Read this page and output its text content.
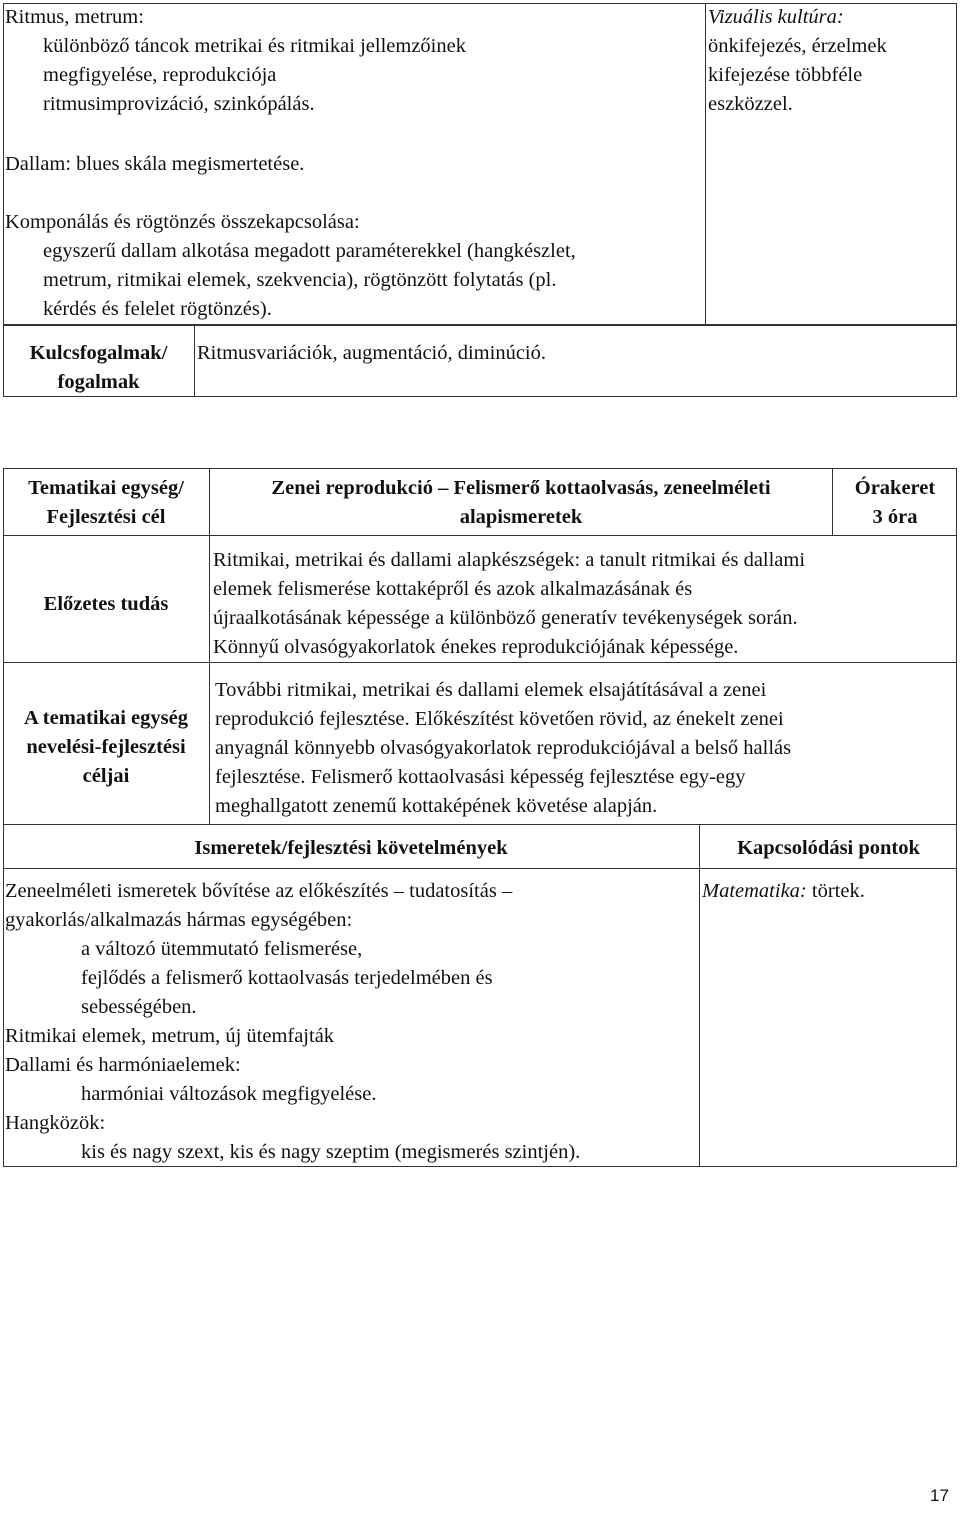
Ritmus, metrum:
különböző táncok metrikai és ritmikai jellemzőinek
megfigyelése, reprodukciója
ritmusimprovizáció, szinkópálás.
Dallam: blues skála megismertetése.
Komponálás és rögtönzés összekapcsolása:
egyszerű dallam alkotása megadott paraméterekkel (hangkészlet,
metrum, ritmikai elemek, szekvencia), rögtönzött folytatás (pl.
kérdés és felelet rögtönzés).
Vizuális kultúra:
önkifejezés, érzelmek
kifejezése többféle
eszközzel.
Kulcsfogalmak/
fogalmak
Ritmusvariációk, augmentáció, diminúció.
Tematikai egység/
Fejlesztési cél
Zenei reprodukció – Felismerő kottaolvasás, zeneelméleti
alapismeretek
Órakeret
3 óra
Előzetes tudás
Ritmikai, metrikai és dallami alapkészségek: a tanult ritmikai és dallami
elemek felismerése kottaképről és azok alkalmazásának és
újraalkotásának képessége a különböző generatív tevékenységek során.
Könnyű olvasógyakorlatok énekes reprodukciójának képessége.
A tematikai egység
nevelési-fejlesztési
céljai
További ritmikai, metrikai és dallami elemek elsajátításával a zenei
reprodukció fejlesztése. Előkészítést követően rövid, az énekelt zenei
anyagnál könnyebb olvasógyakorlatok reprodukciójával a belső hallás
fejlesztése. Felismerő kottaolvasási képesség fejlesztése egy-egy
meghallgatott zenemű kottaképének követése alapján.
Ismeretek/fejlesztési követelmények	Kapcsolódási pontok
Zeneelméleti ismeretek bővítése az előkészítés – tudatosítás –
gyakorlás/alkalmazás hármas egységében:
a változó ütemmutató felismerése,
fejlődés a felismerő kottaolvasás terjedelmében és
sebességében.
Ritmikai elemek, metrum, új ütemfajták
Dallami és harmóniaelemek:
harmóniai változások megfigyelése.
Hangközök:
kis és nagy szext, kis és nagy szeptim (megismerés szintjén).
Matematika: törtek.
17
